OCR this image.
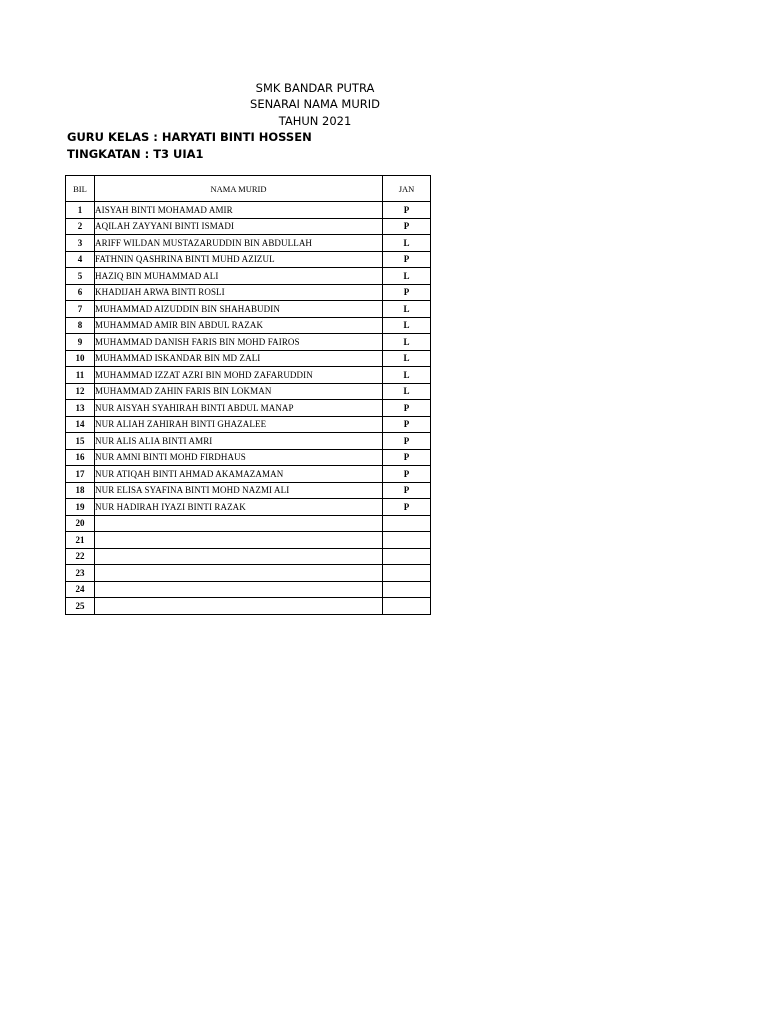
SMK BANDAR PUTRA
SENARAI NAMA MURID
TAHUN 2021
GURU KELAS : HARYATI BINTI HOSSEN
TINGKATAN : T3 UIA1
BIL	NAMA MURID	JAN
1	AISYAH BINTI MOHAMAD AMIR	P
2	AQILAH ZAYYANI BINTI ISMADI	P
3	ARIFF WILDAN MUSTAZARUDDIN BIN ABDULLAH	L
4	FATHNIN QASHRINA BINTI MUHD AZIZUL	P
5	HAZIQ BIN MUHAMMAD ALI	L
6	KHADIJAH ARWA BINTI ROSLI	P
7	MUHAMMAD AIZUDDIN BIN SHAHABUDIN	L
8	MUHAMMAD AMIR BIN ABDUL RAZAK	L
9	MUHAMMAD DANISH FARIS BIN MOHD FAIROS	L
10	MUHAMMAD ISKANDAR BIN MD ZALI	L
11	MUHAMMAD IZZAT AZRI BIN MOHD ZAFARUDDIN	L
12	MUHAMMAD ZAHIN FARIS BIN LOKMAN	L
13	NUR AISYAH SYAHIRAH BINTI ABDUL MANAP	P
14	NUR ALIAH ZAHIRAH BINTI GHAZALEE	P
15	NUR ALIS ALIA BINTI AMRI	P
16	NUR AMNI BINTI MOHD FIRDHAUS	P
17	NUR ATIQAH BINTI AHMAD AKAMAZAMAN	P
18	NUR ELISA SYAFINA BINTI MOHD NAZMI ALI	P
19	NUR HADIRAH IYAZI BINTI RAZAK	P
20		
21		
22		
23		
24		
25		
